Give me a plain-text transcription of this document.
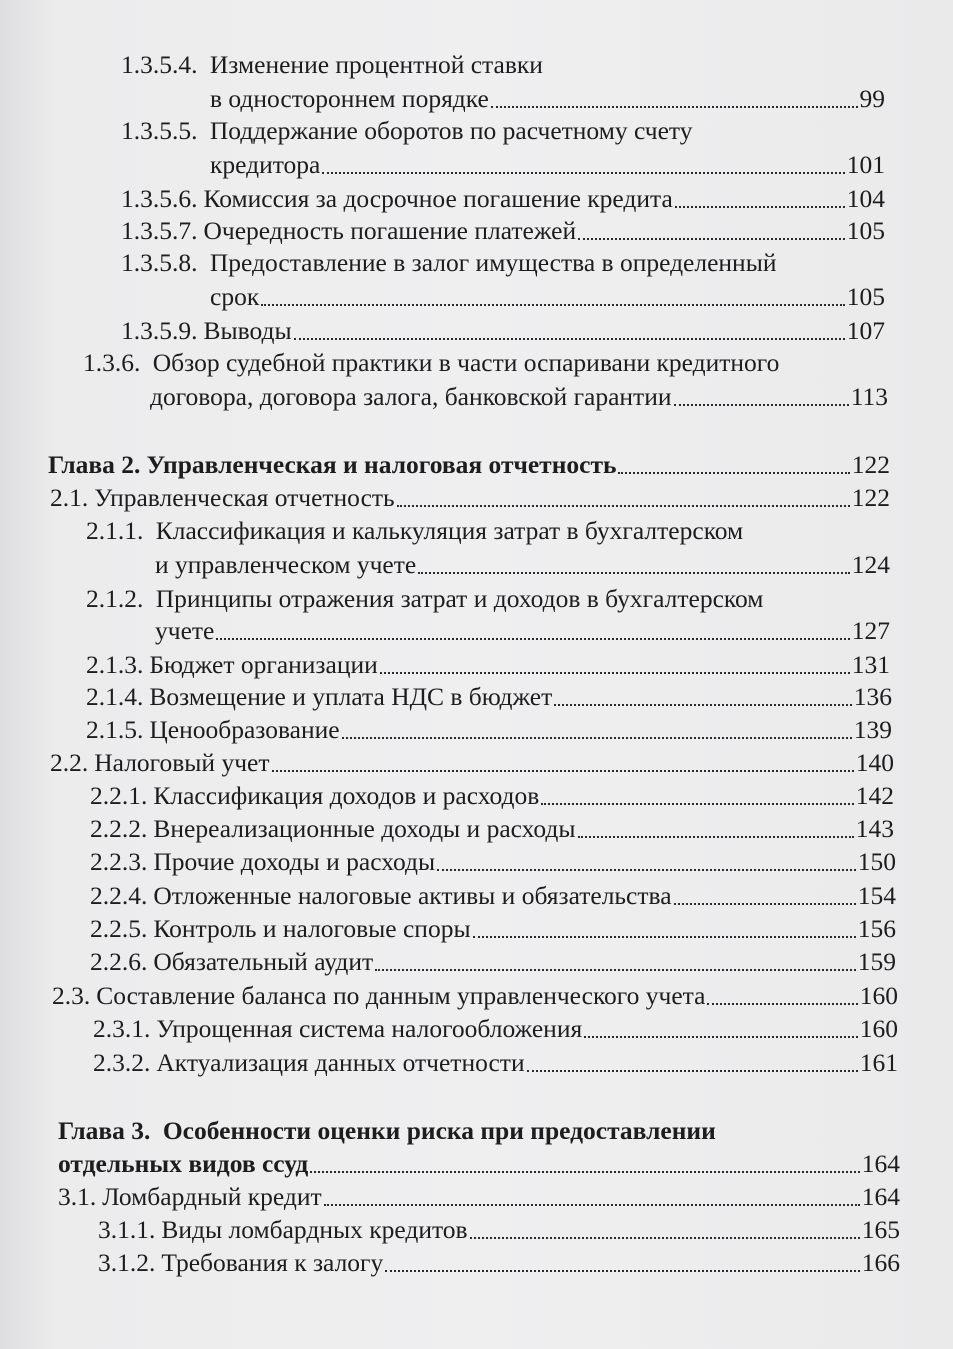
1.3.5.4. Изменение процентной ставки
в одностороннем порядке	99
1.3.5.5. Поддержание оборотов по расчетному счету
кредитора	101
1.3.5.6. Комиссия за досрочное погашение кредита	104
1.3.5.7. Очередность погашение платежей	105
1.3.5.8. Предоставление в залог имущества в определенный
срок	105
1.3.5.9. Выводы	107
1.3.6. Обзор судебной практики в части оспаривани кредитного
договора, договора залога, банковской гарантии	113
Глава 2. Управленческая и налоговая отчетность	122
2.1. Управленческая отчетность	122
2.1.1. Классификация и калькуляция затрат в бухгалтерском
и управленческом учете	124
2.1.2. Принципы отражения затрат и доходов в бухгалтерском
учете	127
2.1.3. Бюджет организации	131
2.1.4. Возмещение и уплата НДС в бюджет	136
2.1.5. Ценообразование	139
2.2. Налоговый учет	140
2.2.1. Классификация доходов и расходов	142
2.2.2. Внереализационные доходы и расходы	143
2.2.3. Прочие доходы и расходы	150
2.2.4. Отложенные налоговые активы и обязательства	154
2.2.5. Контроль и налоговые споры	156
2.2.6. Обязательный аудит	159
2.3. Составление баланса по данным управленческого учета	160
2.3.1. Упрощенная система налогообложения	160
2.3.2. Актуализация данных отчетности	161
Глава 3. Особенности оценки риска при предоставлении
отдельных видов ссуд	164
3.1. Ломбардный кредит	164
3.1.1. Виды ломбардных кредитов	165
3.1.2. Требования к залогу	166
